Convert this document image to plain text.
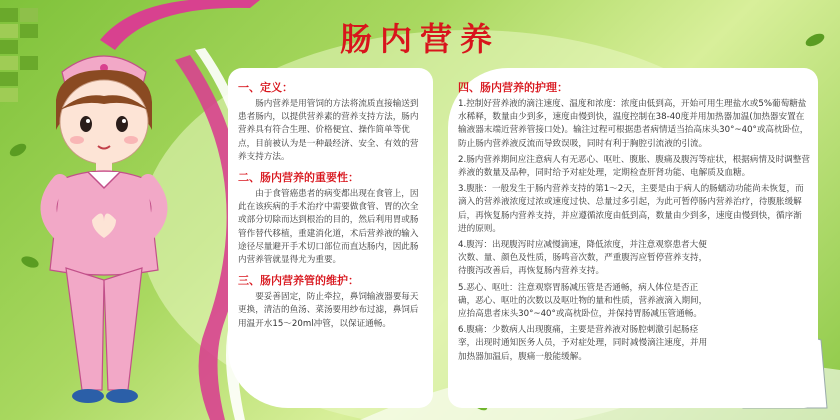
肠内营养
一、定义：
肠内营养是用管饲的方法将流质直接输送到患者肠内，以提供营养素的营养支持方法，肠内营养具有符合生理、价格便宜、操作简单等优点，目前被认为是一种最经济、安全、有效的营养支持方法。
二、肠内营养的重要性：
由于食管癌患者的病变都出现在食管上，因此在该疾病的手术治疗中需要做食管、胃的次全或部分切除而达到根治的目的，然后利用胃或肠管作替代移植，重建消化道，术后营养液的输入途径尽量避开手术切口部位而直达肠内，因此肠内营养管就显得尤为重要。
三、肠内营养管的维护：
要妥善固定，防止牵拉，鼻饲输液器要每天更换，清洁的鱼汤、菜汤要用纱布过滤，鼻饲后用温开水15～20ml冲管，以保证通畅。
四、肠内营养的护理：
1.控制好营养液的滴注速度、温度和浓度：浓度由低到高，开始可用生理盐水或5%葡萄糖盐水稀释，数量由少到多，速度由慢到快，温度控制在38-40度并用加热器加温(加热器安置在输液器末端近营养管接口处)。输注过程可根据患者病情适当抬高床头30°~40°或高枕卧位，防止肠内营养液反流而导致误吸，同时有利于胸腔引流液的引流。
2.肠内营养期间应注意病人有无恶心、呕吐、腹胀、腹痛及腹泻等症状，根据病情及时调整营养液的数量及品种，同时给予对症处理，定期检查肝肾功能、电解质及血糖。
3.腹胀：一般发生于肠内营养支持的第1～2天，主要是由于病人的肠蠕动功能尚未恢复，而滴入的营养液浓度过浓或速度过快、总量过多引起，为此可暂停肠内营养治疗，待腹胀缓解后，再恢复肠内营养支持，并应遵循浓度由低到高，数量由少到多，速度由慢到快，循序渐进的原则。
4.腹泻：出现腹泻时应减慢滴速，降低浓度，并注意观察患者大便次数、量、颜色及性质，肠鸣音次数，严重腹泻应暂停营养支持，待腹泻改善后，再恢复肠内营养支持。
5.恶心、呕吐：注意观察胃肠减压管是否通畅，病人体位是否正确，恶心、呕吐的次数以及呕吐物的量和性质，营养液滴入期间，应抬高患者床头30°~40°或高枕卧位，并保持胃肠减压管通畅。
6.腹痛：少数病人出现腹痛，主要是营养液对肠腔刺激引起肠痉挛，出现时通知医务人员，予对症处理，同时减慢滴注速度，并用加热器加温后，腹痛一般能缓解。
